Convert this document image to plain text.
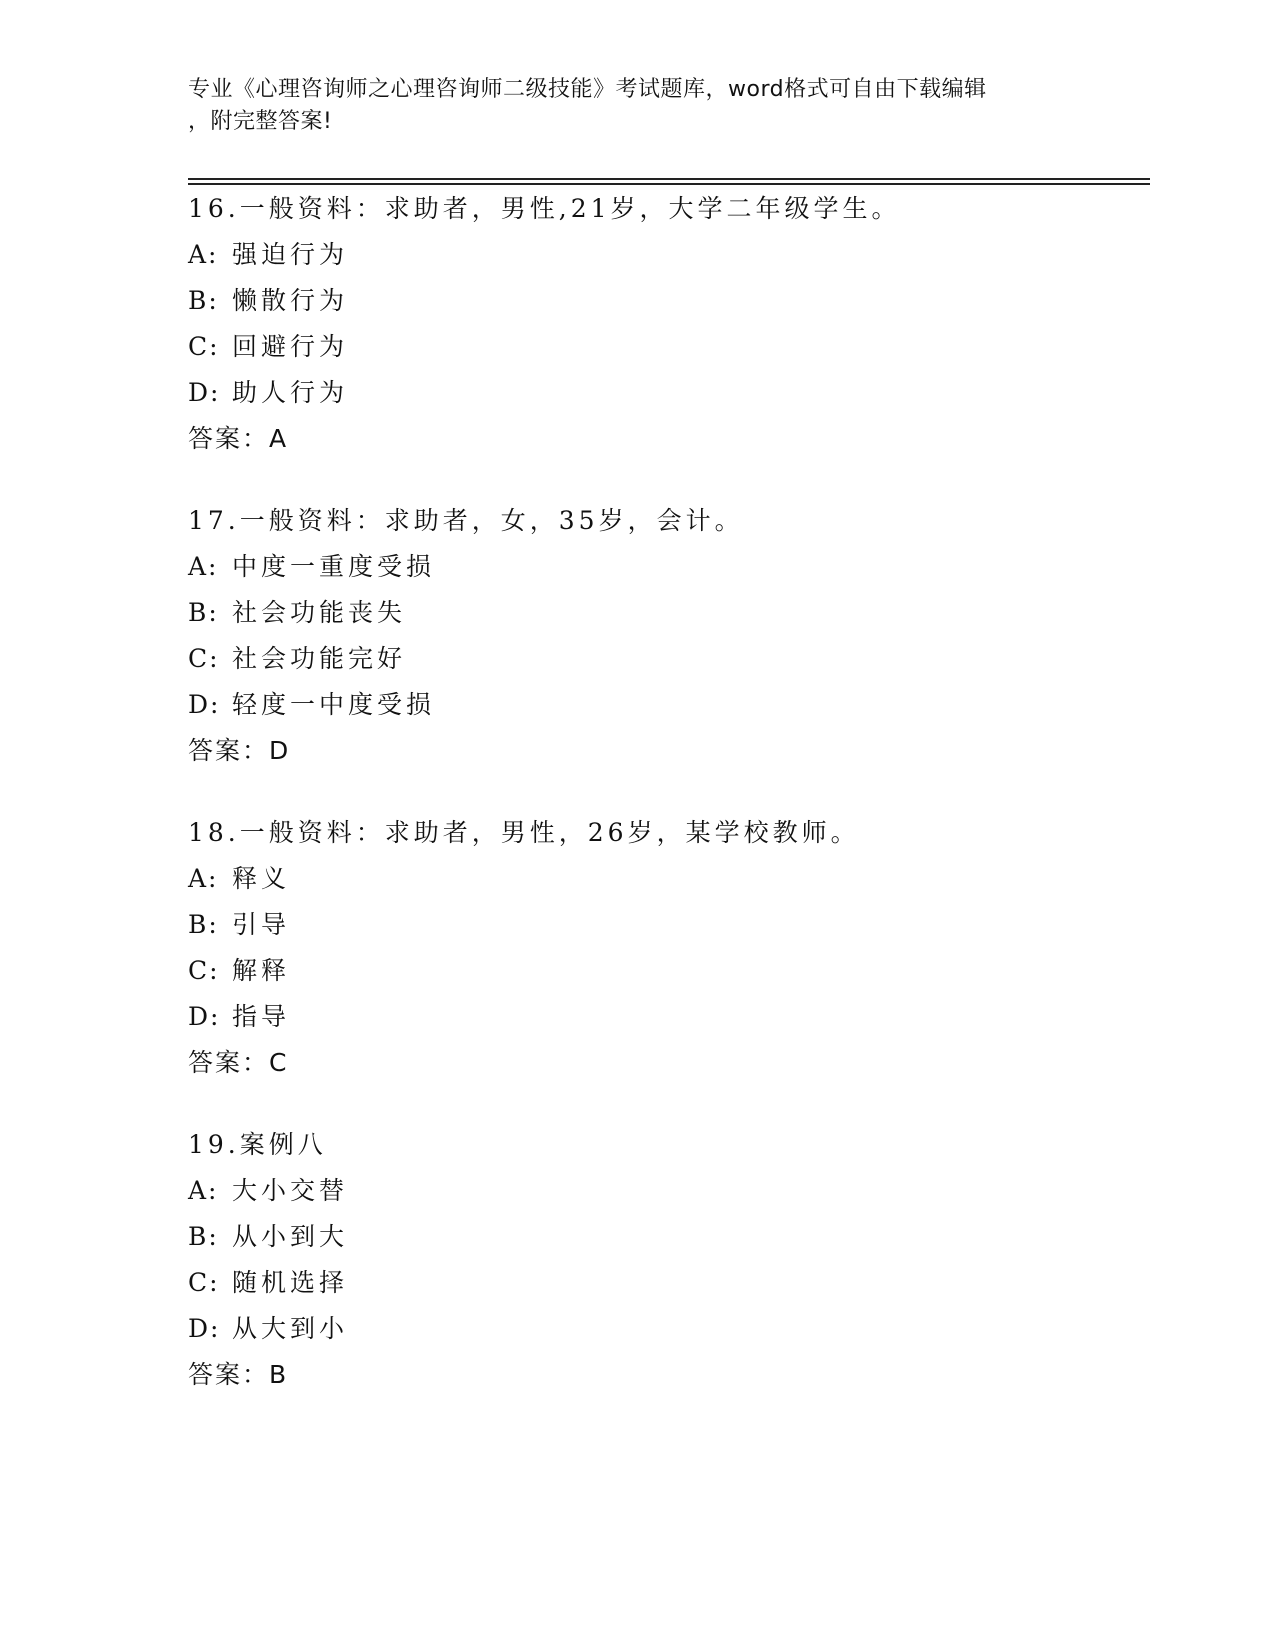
专业《心理咨询师之心理咨询师二级技能》考试题库，word格式可自由下载编辑
，附完整答案!
16.一般资料：求助者，男性,21岁，大学二年级学生。
A: 强迫行为
B: 懒散行为
C: 回避行为
D: 助人行为
答案：A
17.一般资料：求助者，女，35岁，会计。
A: 中度一重度受损
B: 社会功能丧失
C: 社会功能完好
D: 轻度一中度受损
答案：D
18.一般资料：求助者，男性，26岁，某学校教师。
A: 释义
B: 引导
C: 解释
D: 指导
答案：C
19.案例八
A: 大小交替
B: 从小到大
C: 随机选择
D: 从大到小
答案：B
